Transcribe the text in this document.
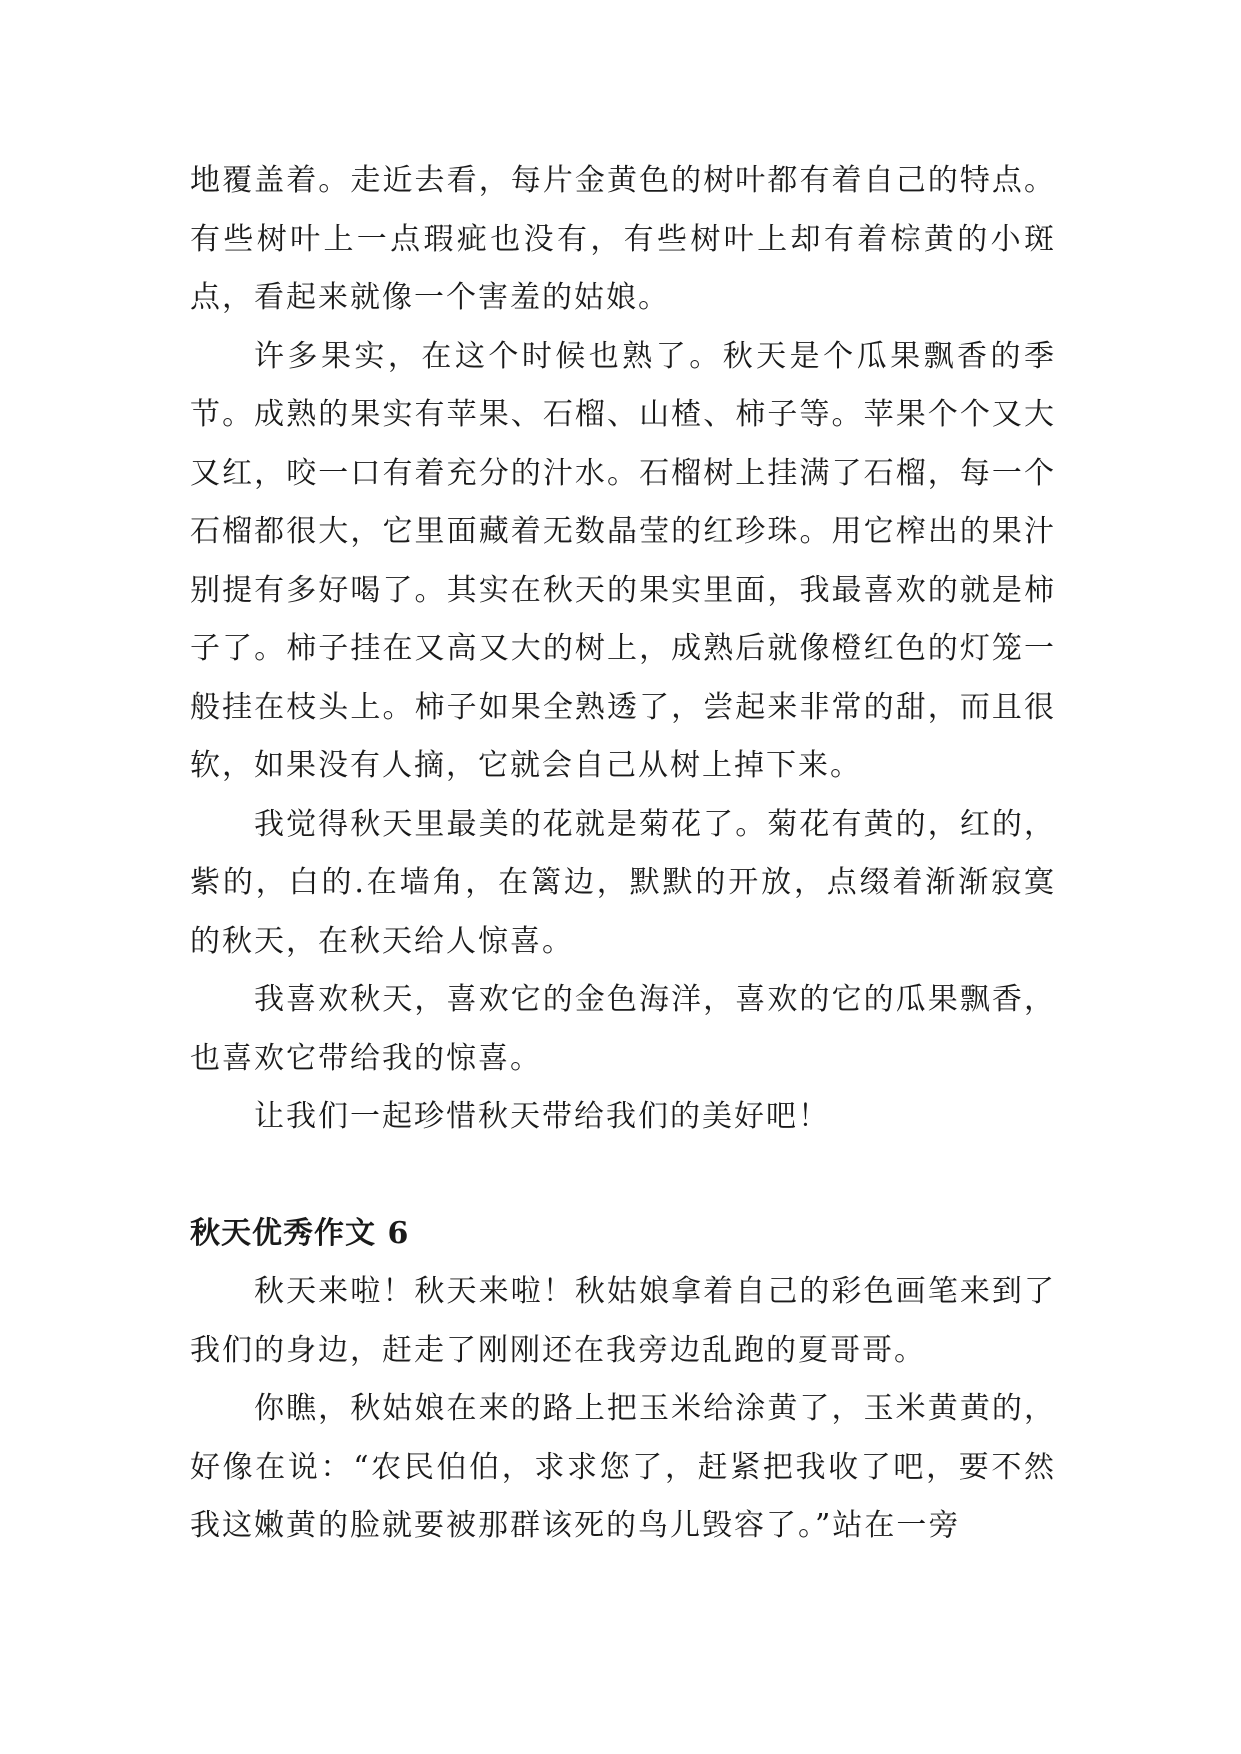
地覆盖着。走近去看，每片金黄色的树叶都有着自己的特点。有些树叶上一点瑕疵也没有，有些树叶上却有着棕黄的小斑点，看起来就像一个害羞的姑娘。

许多果实，在这个时候也熟了。秋天是个瓜果飘香的季节。成熟的果实有苹果、石榴、山楂、柿子等。苹果个个又大又红，咬一口有着充分的汁水。石榴树上挂满了石榴，每一个石榴都很大，它里面藏着无数晶莹的红珍珠。用它榨出的果汁别提有多好喝了。其实在秋天的果实里面，我最喜欢的就是柿子了。柿子挂在又高又大的树上，成熟后就像橙红色的灯笼一般挂在枝头上。柿子如果全熟透了，尝起来非常的甜，而且很软，如果没有人摘，它就会自己从树上掉下来。

我觉得秋天里最美的花就是菊花了。菊花有黄的，红的，紫的，白的.在墙角，在篱边，默默的开放，点缀着渐渐寂寞的秋天，在秋天给人惊喜。

我喜欢秋天，喜欢它的金色海洋，喜欢的它的瓜果飘香，也喜欢它带给我的惊喜。

让我们一起珍惜秋天带给我们的美好吧！

秋天优秀作文 6

秋天来啦！秋天来啦！秋姑娘拿着自己的彩色画笔来到了我们的身边，赶走了刚刚还在我旁边乱跑的夏哥哥。

你瞧，秋姑娘在来的路上把玉米给涂黄了，玉米黄黄的，好像在说：“农民伯伯，求求您了，赶紧把我收了吧，要不然我这嫩黄的脸就要被那群该死的鸟儿毁容了。”站在一旁
